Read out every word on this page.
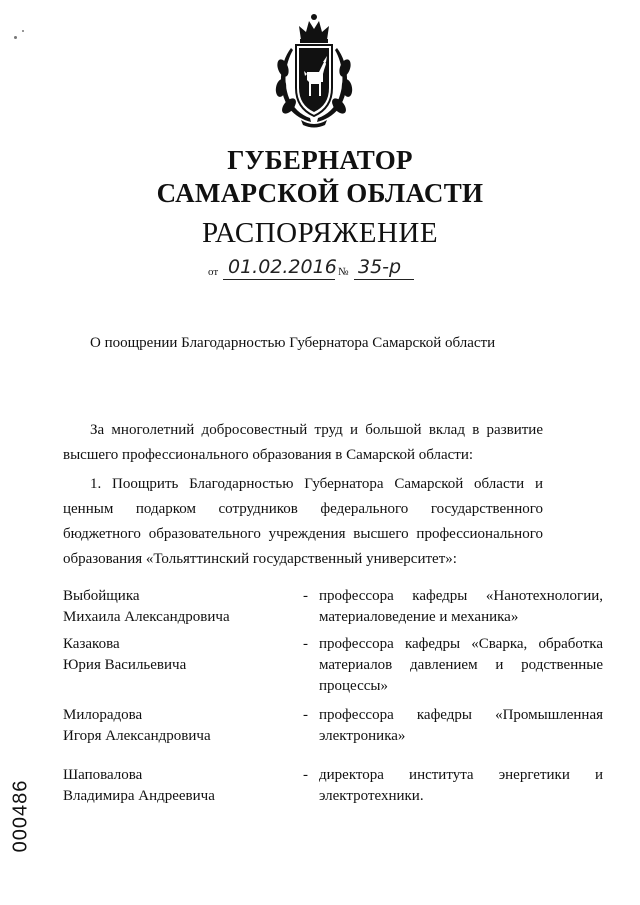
ГУБЕРНАТОР
САМАРСКОЙ ОБЛАСТИ
РАСПОРЯЖЕНИЕ
от 01.02.2016 № 35-р
О поощрении Благодарностью Губернатора Самарской области
За многолетний добросовестный труд и большой вклад в развитие высшего профессионального образования в Самарской области:
1. Поощрить Благодарностью Губернатора Самарской области и ценным подарком сотрудников федерального государственного бюджетного образовательного учреждения высшего профессионального образования «Тольяттинский государственный университет»:
Выбойщика
Михаила Александровича
- профессора кафедры «Нанотехнологии, материаловедение и механика»
Казакова
Юрия Васильевича
- профессора кафедры «Сварка, обработка материалов давлением и родственные процессы»
Милорадова
Игоря Александровича
- профессора кафедры «Промышленная электроника»
Шаповалова
Владимира Андреевича
- директора института энергетики и электротехники.
000486
